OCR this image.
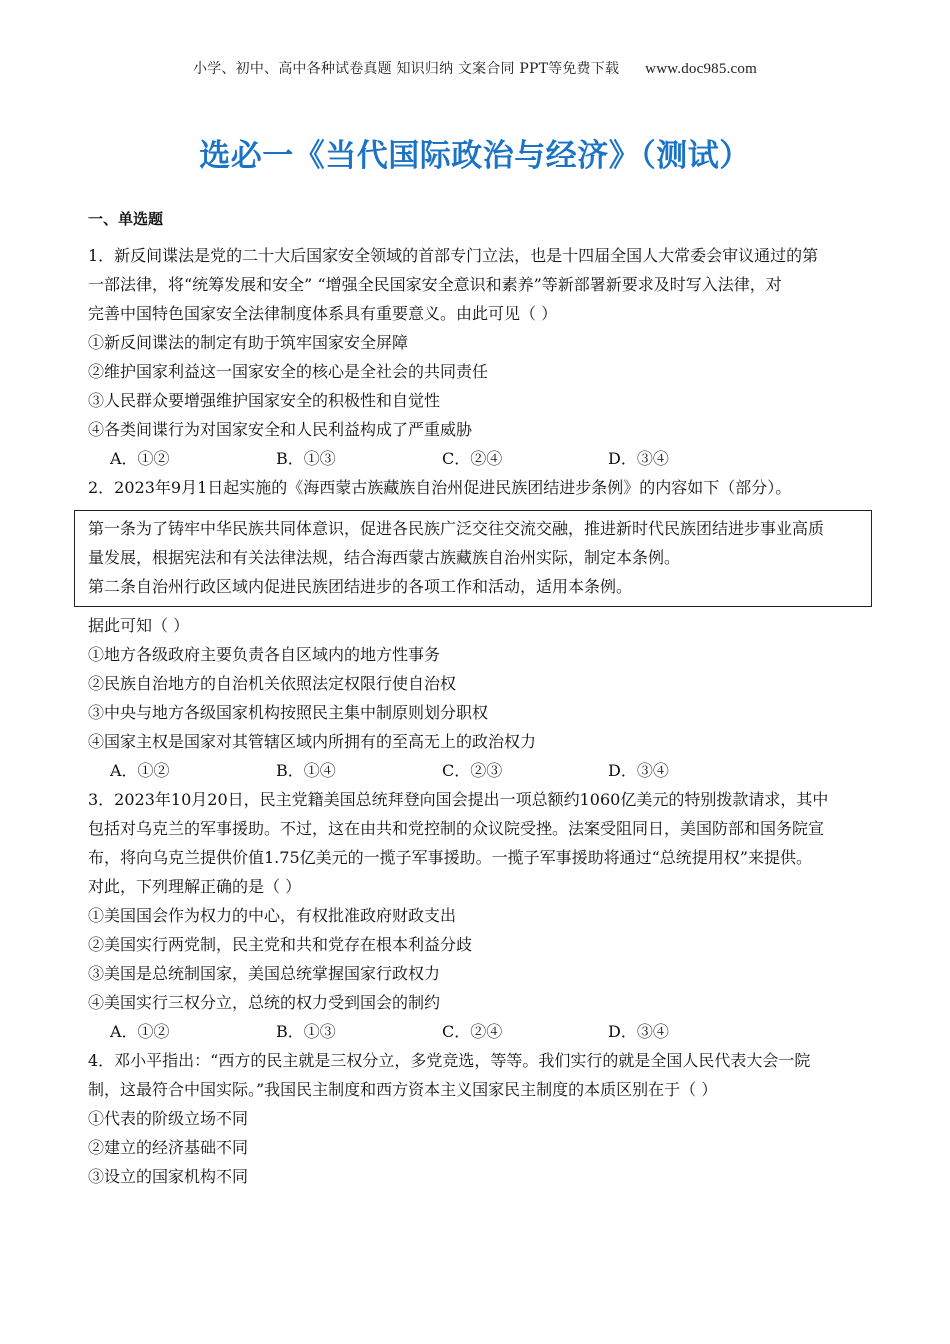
小学、初中、高中各种试卷真题 知识归纳 文案合同 PPT等免费下载 www.doc985.com
选必一《当代国际政治与经济》（测试）
一、单选题

1．新反间谍法是党的二十大后国家安全领域的首部专门立法，也是十四届全国人大常委会审议通过的第

一部法律，将“统筹发展和安全” “增强全民国家安全意识和素养”等新部署新要求及时写入法律，对

完善中国特色国家安全法律制度体系具有重要意义。由此可见（ ）

①新反间谍法的制定有助于筑牢国家安全屏障

②维护国家利益这一国家安全的核心是全社会的共同责任

③人民群众要增强维护国家安全的积极性和自觉性

④各类间谍行为对国家安全和人民利益构成了严重威胁

A．①②	B．①③	C．②④	D．③④

2．2023年9月1日起实施的《海西蒙古族藏族自治州促进民族团结进步条例》的内容如下（部分）。

第一条为了铸牢中华民族共同体意识，促进各民族广泛交往交流交融，推进新时代民族团结进步事业高质

量发展，根据宪法和有关法律法规，结合海西蒙古族藏族自治州实际，制定本条例。

第二条自治州行政区域内促进民族团结进步的各项工作和活动，适用本条例。

据此可知（ ）

①地方各级政府主要负责各自区域内的地方性事务

②民族自治地方的自治机关依照法定权限行使自治权

③中央与地方各级国家机构按照民主集中制原则划分职权

④国家主权是国家对其管辖区域内所拥有的至高无上的政治权力

A．①②	B．①④	C．②③	D．③④

3．2023年10月20日，民主党籍美国总统拜登向国会提出一项总额约1060亿美元的特别拨款请求，其中

包括对乌克兰的军事援助。不过，这在由共和党控制的众议院受挫。法案受阻同日，美国防部和国务院宣

布，将向乌克兰提供价值1.75亿美元的一揽子军事援助。一揽子军事援助将通过“总统提用权”来提供。

对此，下列理解正确的是（ ）

①美国国会作为权力的中心，有权批准政府财政支出

②美国实行两党制，民主党和共和党存在根本利益分歧

③美国是总统制国家，美国总统掌握国家行政权力

④美国实行三权分立，总统的权力受到国会的制约

A．①②	B．①③	C．②④	D．③④

4．邓小平指出：“西方的民主就是三权分立，多党竞选，等等。我们实行的就是全国人民代表大会一院

制，这最符合中国实际。”我国民主制度和西方资本主义国家民主制度的本质区别在于（ ）

①代表的阶级立场不同

②建立的经济基础不同

③设立的国家机构不同
